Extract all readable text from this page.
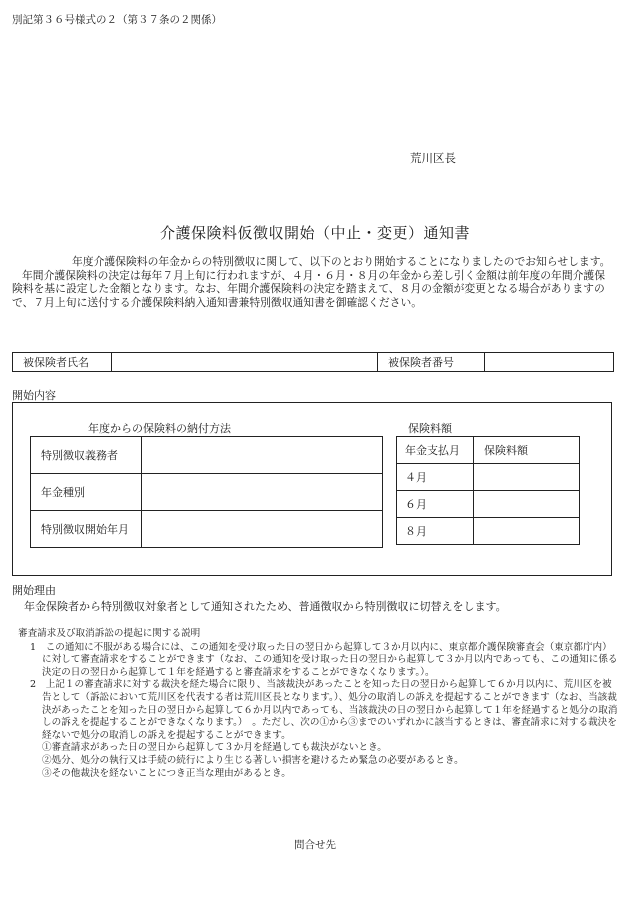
別記第３６号様式の２（第３７条の２関係）
荒川区長
介護保険料仮徴収開始（中止・変更）通知書

年度介護保険料の年金からの特別徴収に関して、以下のとおり開始することになりましたのでお知らせします。

年間介護保険料の決定は毎年７月上旬に行われますが、４月・６月・８月の年金から差し引く金額は前年度の年間介護保険料を基に設定した金額となります。なお、年間介護保険料の決定を踏まえて、８月の金額が変更となる場合がありますので、７月上旬に送付する介護保険料納入通知書兼特別徴収通知書を御確認ください。

被保険者氏名		被保険者番号	
開始内容
年度からの保険料の納付方法	保険料額
特別徴収義務者	
年金種別	
特別徴収開始年月	
年金支払月	保険料額
４月	
６月	
８月	
開始理由
年金保険者から特別徴収対象者として通知されたため、普通徴収から特別徴収に切替えをします。

審査請求及び取消訴訟の提起に関する説明

1　この通知に不服がある場合には、この通知を受け取った日の翌日から起算して３か月以内に、東京都介護保険審査会（東京都庁内）に対して審査請求をすることができます（なお、この通知を受け取った日の翌日から起算して３か月以内であっても、この通知に係る決定の日の翌日から起算して１年を経過すると審査請求をすることができなくなります。）。

2　上記１の審査請求に対する裁決を経た場合に限り、当該裁決があったことを知った日の翌日から起算して６か月以内に、荒川区を被告として（訴訟において荒川区を代表する者は荒川区長となります。）、処分の取消しの訴えを提起することができます（なお、当該裁決があったことを知った日の翌日から起算して６か月以内であっても、当該裁決の日の翌日から起算して１年を経過すると処分の取消しの訴えを提起することができなくなります。）　。ただし、次の①から③までのいずれかに該当するときは、審査請求に対する裁決を経ないで処分の取消しの訴えを提起することができます。

①審査請求があった日の翌日から起算して３か月を経過しても裁決がないとき。

②処分、処分の執行又は手続の続行により生じる著しい損害を避けるため緊急の必要があるとき。

③その他裁決を経ないことにつき正当な理由があるとき。

問合せ先
